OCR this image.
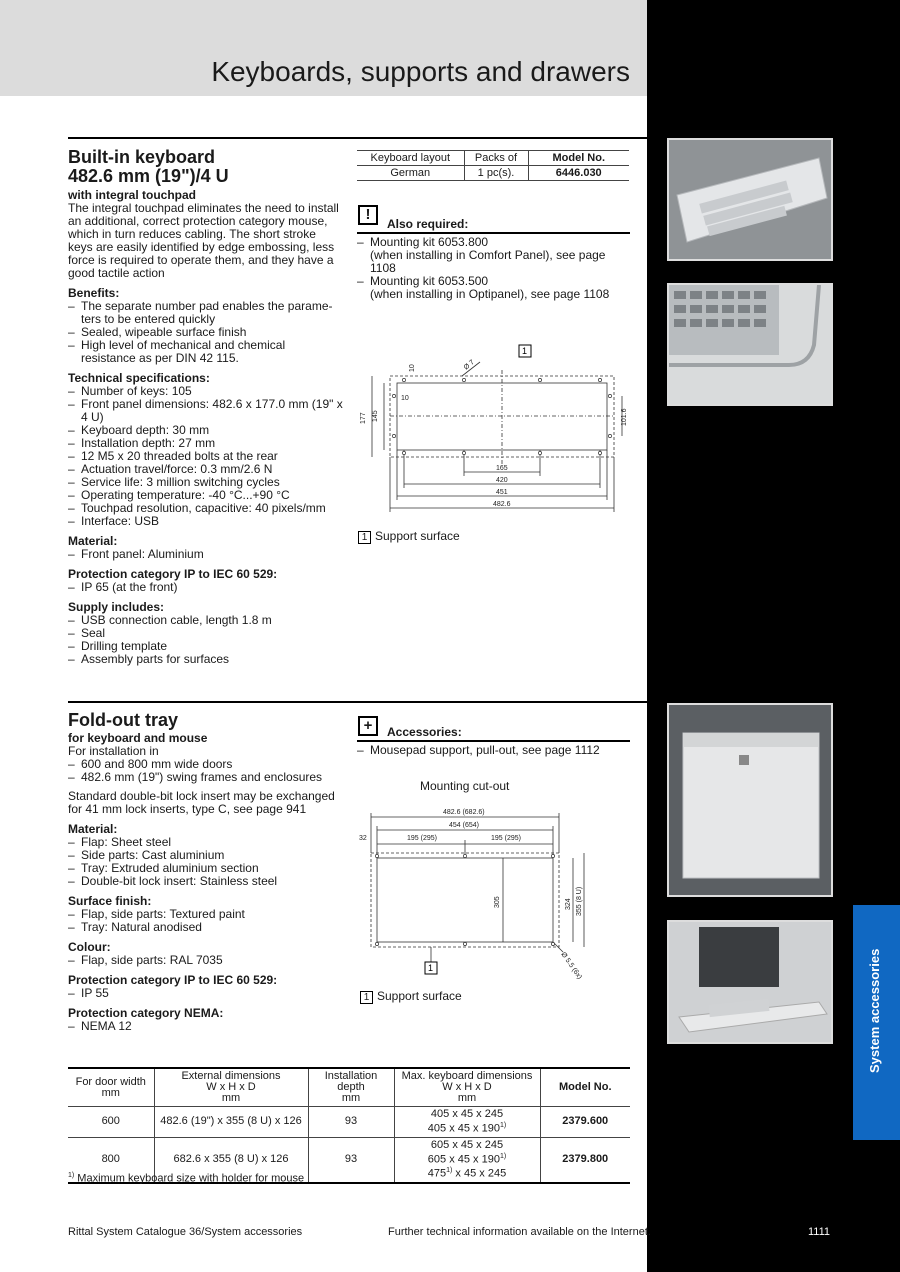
Keyboards, supports and drawers
System accessories
Built-in keyboard
482.6 mm (19")/4 U
with integral touchpad
The integral touchpad eliminates the need to install an additional, correct protection category mouse, which in turn reduces cabling. The short stroke keys are easily identified by edge embossing, less force is required to operate them, and they have a good tactile action
Benefits:
– The separate number pad enables the parame-ters to be entered quickly
– Sealed, wipeable surface finish
– High level of mechanical and chemical resistance as per DIN 42 115.
Technical specifications:
– Number of keys: 105
– Front panel dimensions: 482.6 x 177.0 mm (19" x 4 U)
– Keyboard depth: 30 mm
– Installation depth: 27 mm
– 12 M5 x 20 threaded bolts at the rear
– Actuation travel/force: 0.3 mm/2.6 N
– Service life: 3 million switching cycles
– Operating temperature: -40 °C...+90 °C
– Touchpad resolution, capacitive: 40 pixels/mm
– Interface: USB
Material:
– Front panel: Aluminium
Protection category IP to IEC 60 529:
– IP 65 (at the front)
Supply includes:
– USB connection cable, length 1.8 m
– Seal
– Drilling template
– Assembly parts for surfaces
Keyboard layout	Packs of	Model No.
German	1 pc(s).	6446.030
!
Also required:
– Mounting kit 6053.800
(when installing in Comfort Panel), see page 1108
– Mounting kit 6053.500
(when installing in Optipanel), see page 1108
10	Ø 7
10
177 145	101.6
165
420
451
482.6
1
1 Support surface
Fold-out tray
for keyboard and mouse
For installation in
– 600 and 800 mm wide doors
– 482.6 mm (19") swing frames and enclosures
Standard double-bit lock insert may be exchanged for 41 mm lock inserts, type C, see page 941
Material:
– Flap: Sheet steel
– Side parts: Cast aluminium
– Tray: Extruded aluminium section
– Double-bit lock insert: Stainless steel
Surface finish:
– Flap, side parts: Textured paint
– Tray: Natural anodised
Colour:
– Flap, side parts: RAL 7035
Protection category IP to IEC 60 529:
– IP 55
Protection category NEMA:
– NEMA 12
+	Accessories:
– Mousepad support, pull-out, see page 1112
Mounting cut-out
482.6 (682.6)
454 (654)
195 (295)	195 (295)
32
305	324 355 (8 U)
Ø 5.5 (6x)
1
1 Support surface
For door width
mm	External dimensions
W x H x D
mm	Installation depth
mm	Max. keyboard dimensions
W x H x D
mm	Model No.
600	482.6 (19") x 355 (8 U) x 126	93	405 x 45 x 245
405 x 45 x 190$^{1)}$	2379.600
800	682.6 x 355 (8 U) x 126	93	605 x 45 x 245
605 x 45 x 190$^{1)}$
475$^{1)}$ x 45 x 245	2379.800
$^{1)}$ Maximum keyboard size with holder for mouse
Rittal System Catalogue 36/System accessories	Further technical information available on the Internet.	1111
